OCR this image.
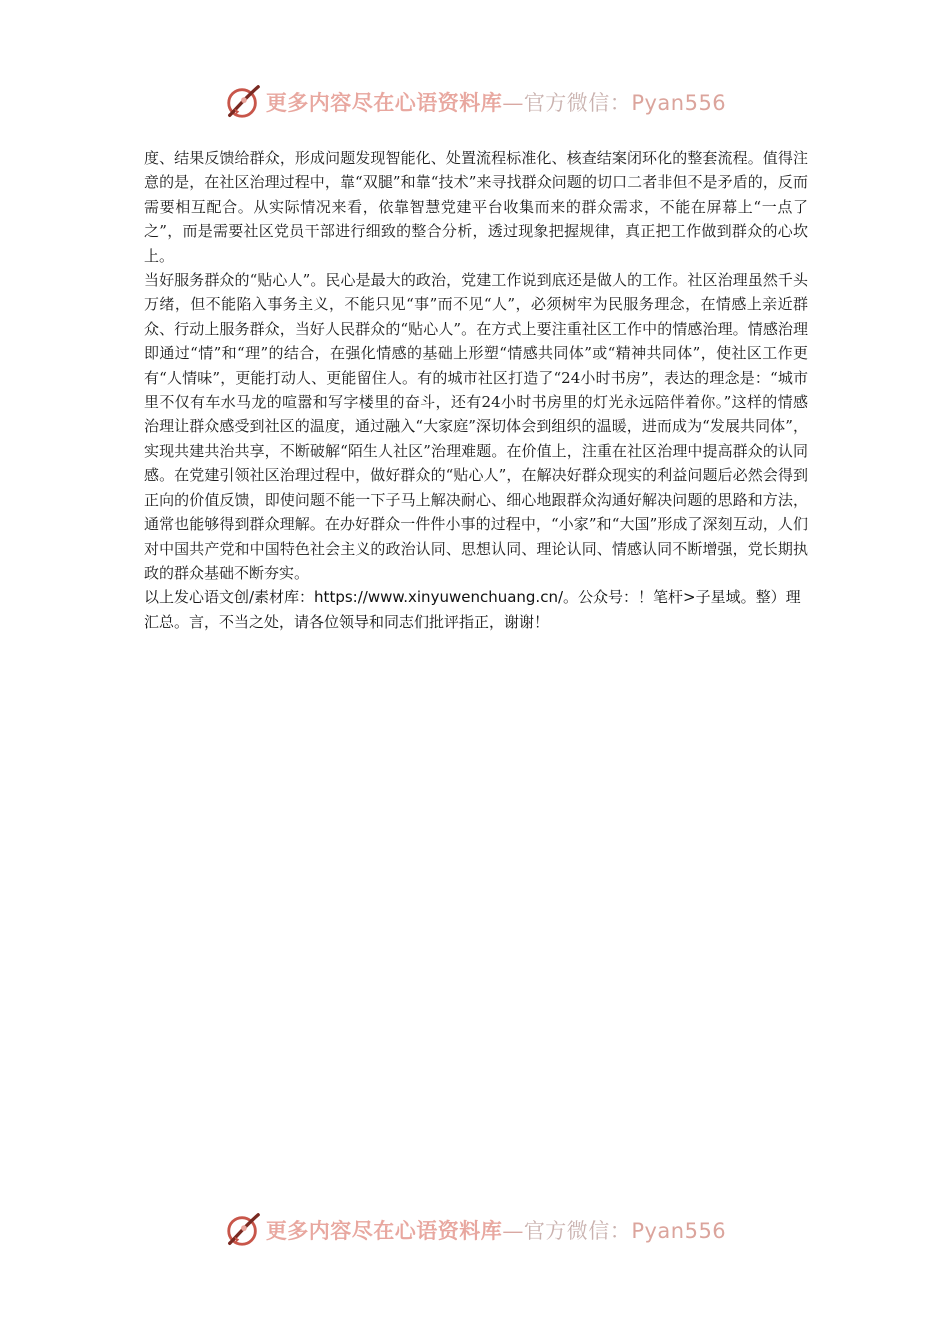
更多内容尽在心语资料库—官方微信：Pyan556

度、结果反馈给群众，形成问题发现智能化、处置流程标准化、核查结案闭环化的整套流程。值得注意的是，在社区治理过程中，靠“双腿”和靠“技术”来寻找群众问题的切口二者非但不是矛盾的，反而需要相互配合。从实际情况来看，依靠智慧党建平台收集而来的群众需求，不能在屏幕上“一点了之”，而是需要社区党员干部进行细致的整合分析，透过现象把握规律，真正把工作做到群众的心坎上。

当好服务群众的“贴心人”。民心是最大的政治，党建工作说到底还是做人的工作。社区治理虽然千头万绪，但不能陷入事务主义，不能只见“事”而不见“人”，必须树牢为民服务理念，在情感上亲近群众、行动上服务群众，当好人民群众的“贴心人”。在方式上要注重社区工作中的情感治理。情感治理即通过“情”和“理”的结合，在强化情感的基础上形塑“情感共同体”或“精神共同体”，使社区工作更有“人情味”，更能打动人、更能留住人。有的城市社区打造了“24小时书房”，表达的理念是：“城市里不仅有车水马龙的喧嚣和写字楼里的奋斗，还有24小时书房里的灯光永远陪伴着你。”这样的情感治理让群众感受到社区的温度，通过融入“大家庭”深切体会到组织的温暖，进而成为“发展共同体”，实现共建共治共享，不断破解“陌生人社区”治理难题。在价值上，注重在社区治理中提高群众的认同感。在党建引领社区治理过程中，做好群众的“贴心人”，在解决好群众现实的利益问题后必然会得到正向的价值反馈，即使问题不能一下子马上解决耐心、细心地跟群众沟通好解决问题的思路和方法，通常也能够得到群众理解。在办好群众一件件小事的过程中，“小家”和“大国”形成了深刻互动，人们对中国共产党和中国特色社会主义的政治认同、思想认同、理论认同、情感认同不断增强，党长期执政的群众基础不断夯实。

以上发心语文创/素材库：https://www.xinyuwenchuang.cn/。公众号：！笔杆>子星域。整）理汇总。言，不当之处，请各位领导和同志们批评指正，谢谢！

更多内容尽在心语资料库—官方微信：Pyan556
